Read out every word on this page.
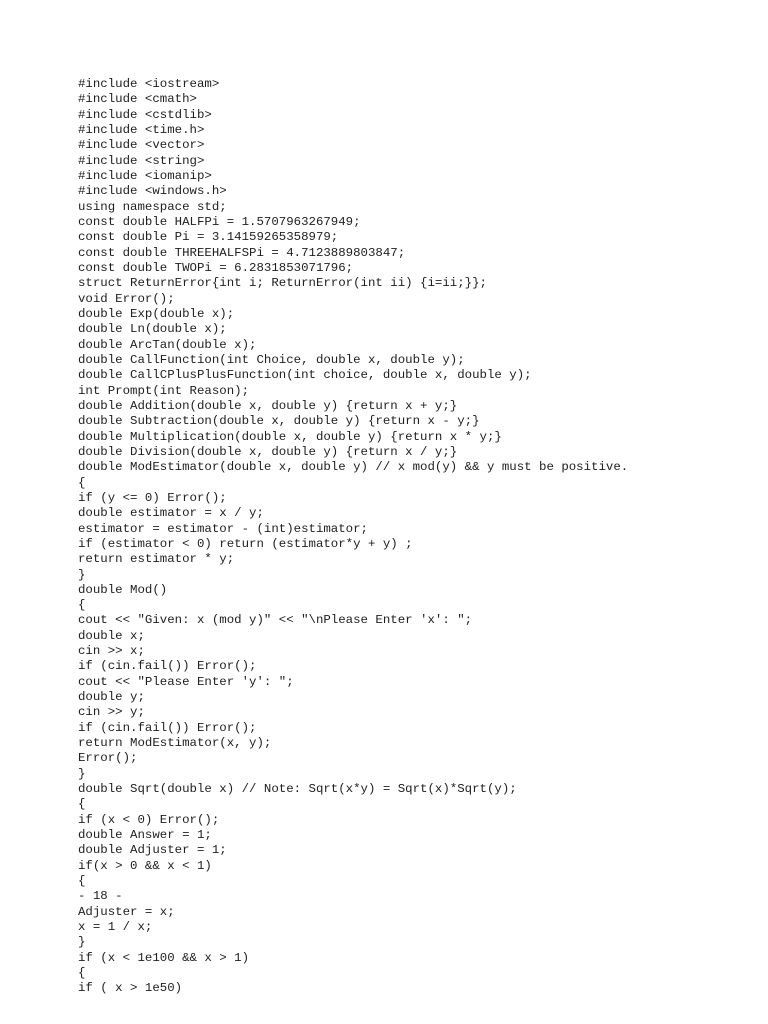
#include <iostream>
#include <cmath>
#include <cstdlib>
#include <time.h>
#include <vector>
#include <string>
#include <iomanip>
#include <windows.h>
using namespace std;
const double HALFPi = 1.5707963267949;
const double Pi = 3.14159265358979;
const double THREEHALFSPi = 4.7123889803847;
const double TWOPi = 6.2831853071796;
struct ReturnError{int i; ReturnError(int ii) {i=ii;}};
void Error();
double Exp(double x);
double Ln(double x);
double ArcTan(double x);
double CallFunction(int Choice, double x, double y);
double CallCPlusPlusFunction(int choice, double x, double y);
int Prompt(int Reason);
double Addition(double x, double y) {return x + y;}
double Subtraction(double x, double y) {return x - y;}
double Multiplication(double x, double y) {return x * y;}
double Division(double x, double y) {return x / y;}
double ModEstimator(double x, double y) // x mod(y) && y must be positive.
{
if (y <= 0) Error();
double estimator = x / y;
estimator = estimator - (int)estimator;
if (estimator < 0) return (estimator*y + y) ;
return estimator * y;
}
double Mod()
{
cout << "Given: x (mod y)" << "\nPlease Enter 'x': ";
double x;
cin >> x;
if (cin.fail()) Error();
cout << "Please Enter 'y': ";
double y;
cin >> y;
if (cin.fail()) Error();
return ModEstimator(x, y);
Error();
}
double Sqrt(double x) // Note: Sqrt(x*y) = Sqrt(x)*Sqrt(y);
{
if (x < 0) Error();
double Answer = 1;
double Adjuster = 1;
if(x > 0 && x < 1)
{
- 18 -
Adjuster = x;
x = 1 / x;
}
if (x < 1e100 && x > 1)
{
if ( x > 1e50)
